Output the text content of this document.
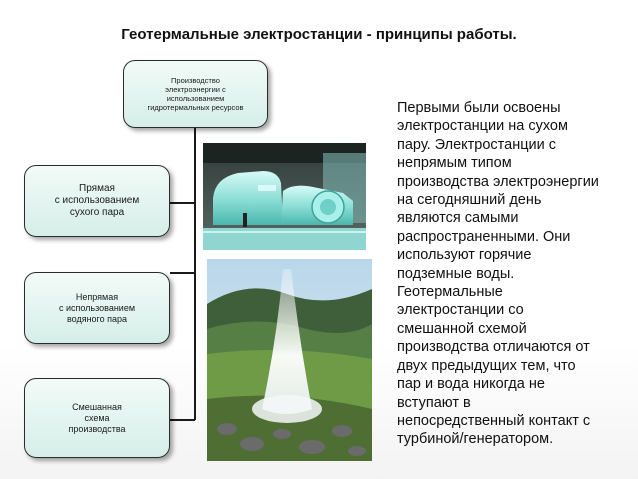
Геотермальные электростанции - принципы работы.
Производство
электроэнергии с
использованием
гидротермальных ресурсов
Прямая
с использованием
сухого пара
Непрямая
с использованием
водяного пара
Смешанная
схема
производства
Первыми были освоены
электростанции на сухом
пару. Электростанции с
непрямым типом
производства электроэнергии
на сегодняшний день
являются самыми
распространенными. Они
используют горячие
подземные воды.
Геотермальные
электростанции со
смешанной схемой
производства отличаются от
двух предыдущих тем, что
пар и вода никогда не
вступают в
непосредственный контакт с
турбиной/генератором.
